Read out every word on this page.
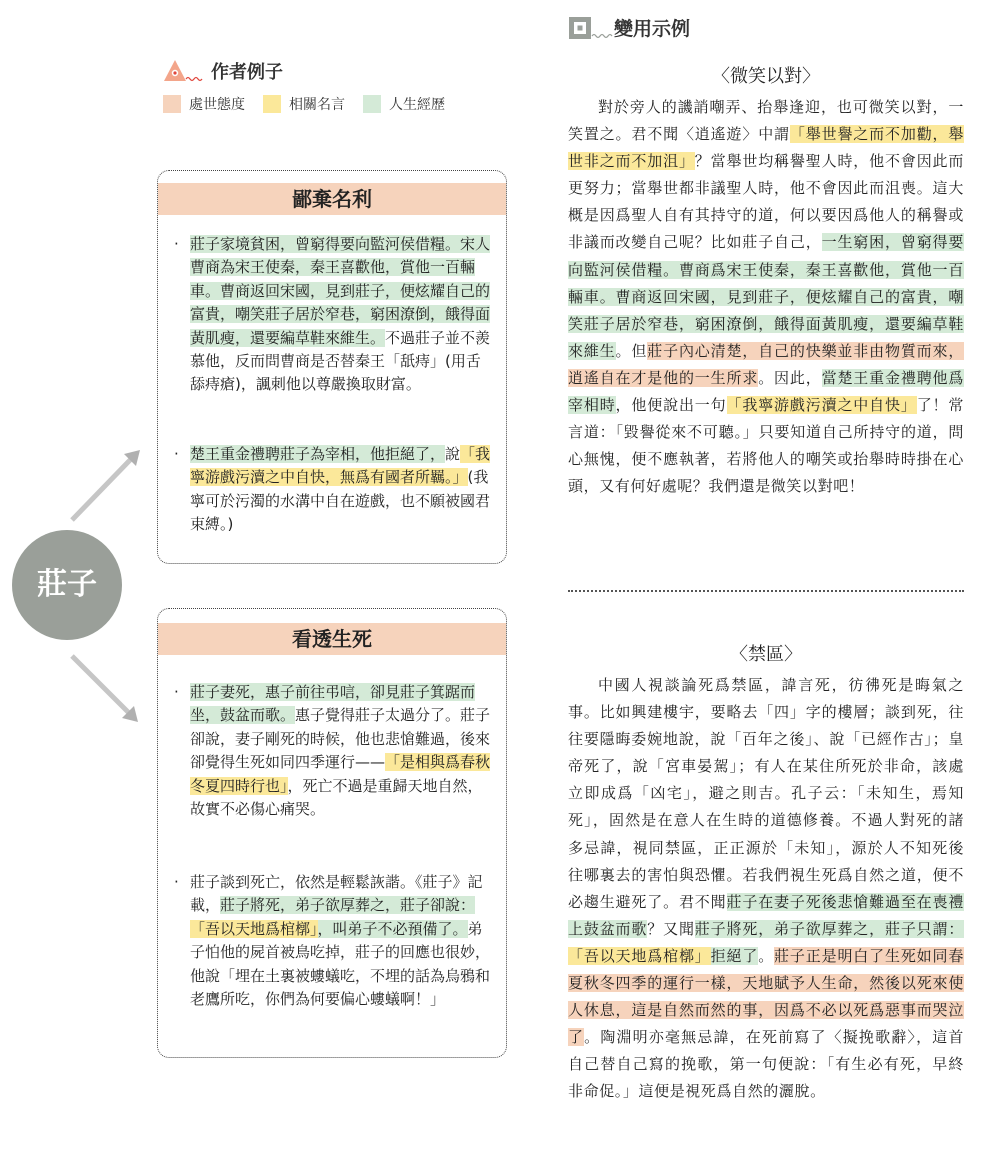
作者例子
處世態度	相關名言	人生經歷
鄙棄名利
· 莊子家境貧困，曾窮得要向監河侯借糧。宋人曹商為宋王使秦，秦王喜歡他，賞他一百輛車。曹商返回宋國，見到莊子，便炫耀自己的富貴，嘲笑莊子居於窄巷，窮困潦倒，餓得面黃肌瘦，還要編草鞋來維生。不過莊子並不羨慕他，反而問曹商是否替秦王「舐痔」(用舌舔痔瘡)，諷刺他以尊嚴換取財富。
· 楚王重金禮聘莊子為宰相，他拒絕了，說「我寧游戲污瀆之中自快，無爲有國者所羈。」(我寧可於污濁的水溝中自在遊戲，也不願被國君束縛。)
看透生死
· 莊子妻死，惠子前往弔唁，卻見莊子箕踞而坐，鼓盆而歌。惠子覺得莊子太過分了。莊子卻說，妻子剛死的時候，他也悲愴難過，後來卻覺得生死如同四季運行——「是相與爲春秋冬夏四時行也」，死亡不過是重歸天地自然，故實不必傷心痛哭。
· 莊子談到死亡，依然是輕鬆詼諧。《莊子》記載，莊子將死，弟子欲厚葬之，莊子卻說：「吾以天地爲棺槨」，叫弟子不必預備了。弟子怕他的屍首被鳥吃掉，莊子的回應也很妙，他說「埋在土裏被螻蟻吃，不埋的話為烏鴉和老鷹所吃，你們為何要偏心螻蟻啊！」
莊子
變用示例
〈微笑以對〉
對於旁人的譏誚嘲弄、抬舉逢迎，也可微笑以對，一笑置之。君不聞〈逍遙遊〉中謂「舉世譽之而不加勸，舉世非之而不加沮」？當舉世均稱譽聖人時，他不會因此而更努力；當舉世都非議聖人時，他不會因此而沮喪。這大概是因爲聖人自有其持守的道，何以要因爲他人的稱譽或非議而改變自己呢？比如莊子自己，一生窮困，曾窮得要向監河侯借糧。曹商爲宋王使秦，秦王喜歡他，賞他一百輛車。曹商返回宋國，見到莊子，便炫耀自己的富貴，嘲笑莊子居於窄巷，窮困潦倒，餓得面黃肌瘦，還要編草鞋來維生。但莊子內心清楚，自己的快樂並非由物質而來，逍遙自在才是他的一生所求。因此，當楚王重金禮聘他爲宰相時，他便說出一句「我寧游戲污瀆之中自快」了！常言道：「毀譽從來不可聽。」只要知道自己所持守的道，問心無愧，便不應執著，若將他人的嘲笑或抬舉時時掛在心頭，又有何好處呢？我們還是微笑以對吧！
〈禁區〉
中國人視談論死爲禁區，諱言死，彷彿死是晦氣之事。比如興建樓宇，要略去「四」字的樓層；談到死，往往要隱晦委婉地說，說「百年之後」、說「已經作古」；皇帝死了，說「宮車晏駕」；有人在某住所死於非命，該處立即成爲「凶宅」，避之則吉。孔子云：「未知生，焉知死」，固然是在意人在生時的道德修養。不過人對死的諸多忌諱，視同禁區，正正源於「未知」，源於人不知死後往哪裏去的害怕與恐懼。若我們視生死爲自然之道，便不必趨生避死了。君不聞莊子在妻子死後悲愴難過至在喪禮上鼓盆而歌？又聞莊子將死，弟子欲厚葬之，莊子只謂：「吾以天地爲棺槨」拒絕了。莊子正是明白了生死如同春夏秋冬四季的運行一樣，天地賦予人生命，然後以死來使人休息，這是自然而然的事，因爲不必以死爲惡事而哭泣了。陶淵明亦毫無忌諱，在死前寫了〈擬挽歌辭〉，這首自己替自己寫的挽歌，第一句便說：「有生必有死，早終非命促。」這便是視死爲自然的灑脫。
